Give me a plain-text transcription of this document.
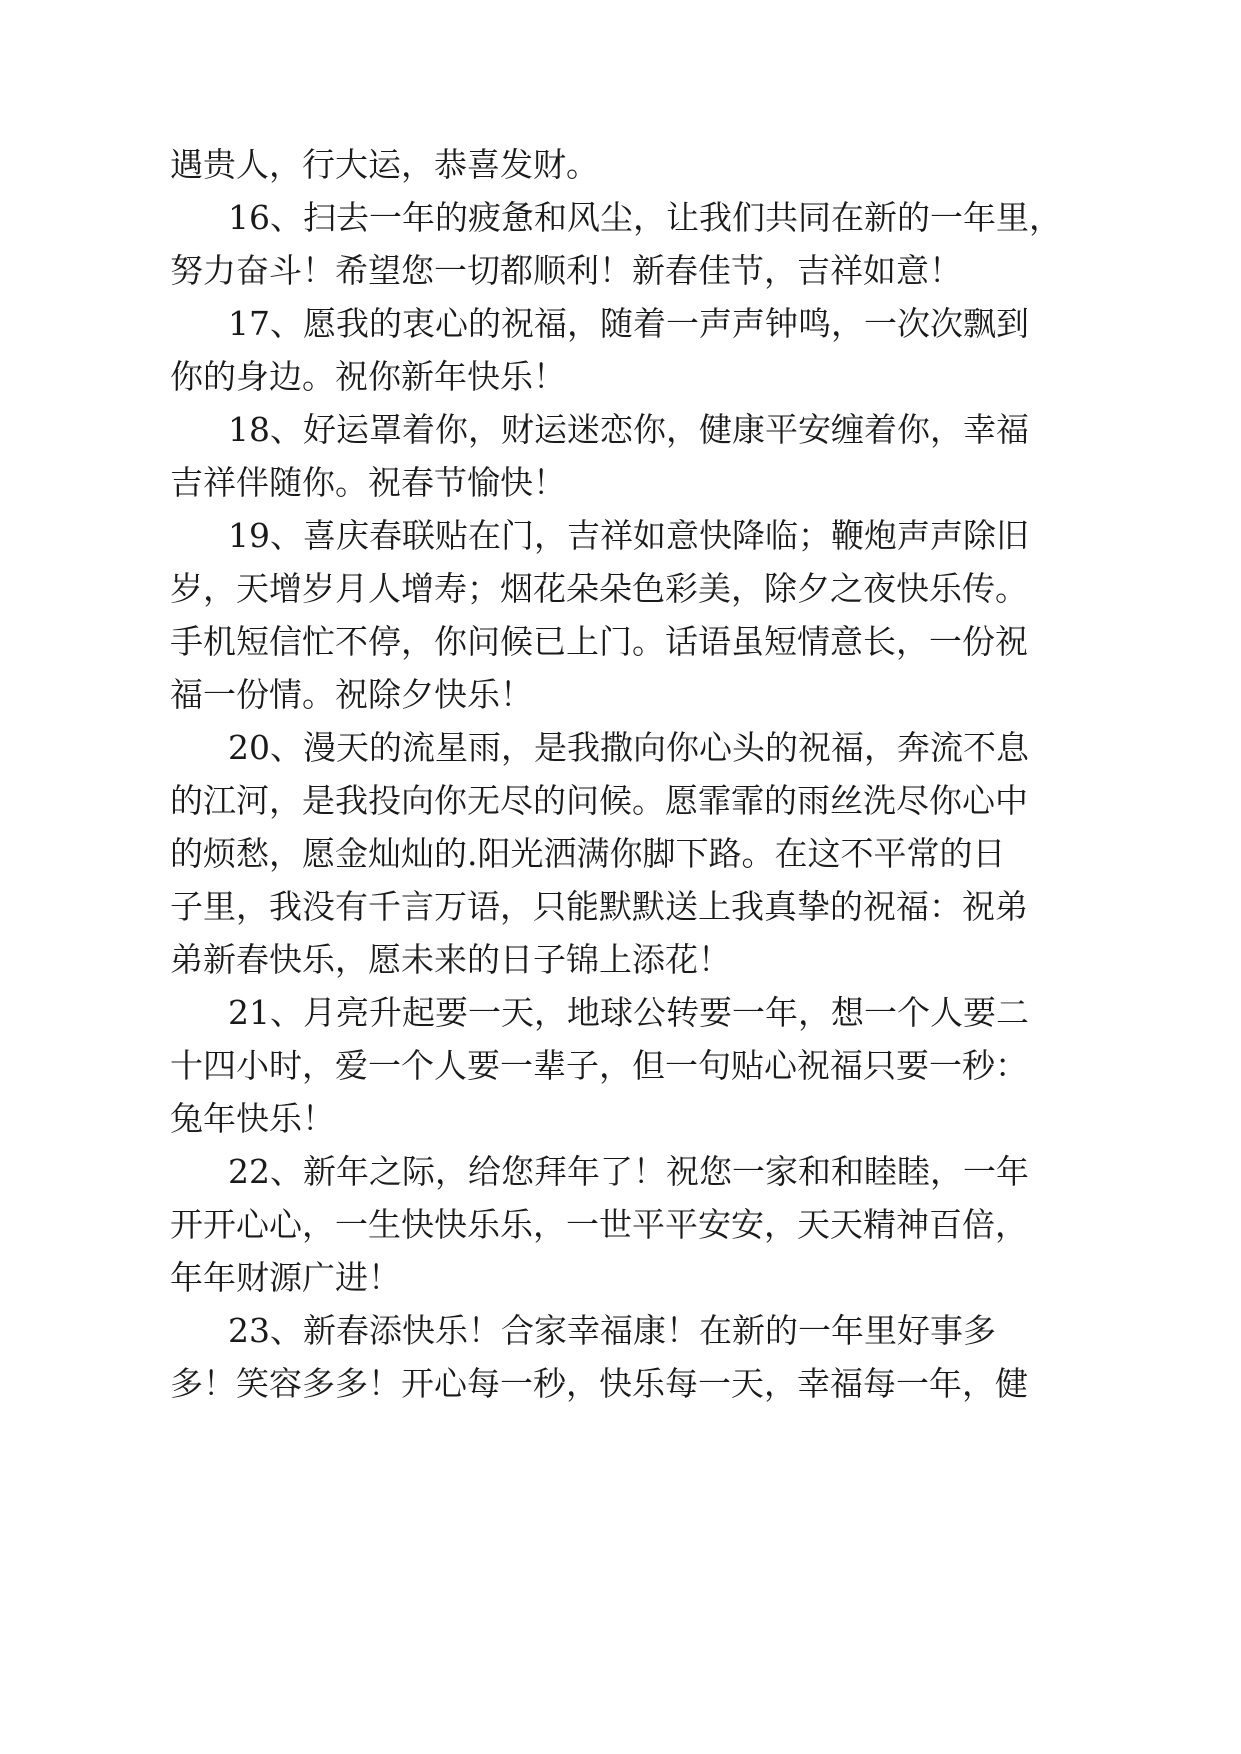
遇贵人，行大运，恭喜发财。
16、扫去一年的疲惫和风尘，让我们共同在新的一年里，
努力奋斗！希望您一切都顺利！新春佳节，吉祥如意！
17、愿我的衷心的祝福，随着一声声钟鸣，一次次飘到
你的身边。祝你新年快乐！
18、好运罩着你，财运迷恋你，健康平安缠着你，幸福
吉祥伴随你。祝春节愉快！
19、喜庆春联贴在门，吉祥如意快降临；鞭炮声声除旧
岁，天增岁月人增寿；烟花朵朵色彩美，除夕之夜快乐传。
手机短信忙不停，你问候已上门。话语虽短情意长，一份祝
福一份情。祝除夕快乐！
20、漫天的流星雨，是我撒向你心头的祝福，奔流不息
的江河，是我投向你无尽的问候。愿霏霏的雨丝洗尽你心中
的烦愁，愿金灿灿的.阳光洒满你脚下路。在这不平常的日
子里，我没有千言万语，只能默默送上我真挚的祝福：祝弟
弟新春快乐，愿未来的日子锦上添花！
21、月亮升起要一天，地球公转要一年，想一个人要二
十四小时，爱一个人要一辈子，但一句贴心祝福只要一秒：
兔年快乐！
22、新年之际，给您拜年了！祝您一家和和睦睦，一年
开开心心，一生快快乐乐，一世平平安安，天天精神百倍，
年年财源广进！
23、新春添快乐！合家幸福康！在新的一年里好事多
多！笑容多多！开心每一秒，快乐每一天，幸福每一年，健
